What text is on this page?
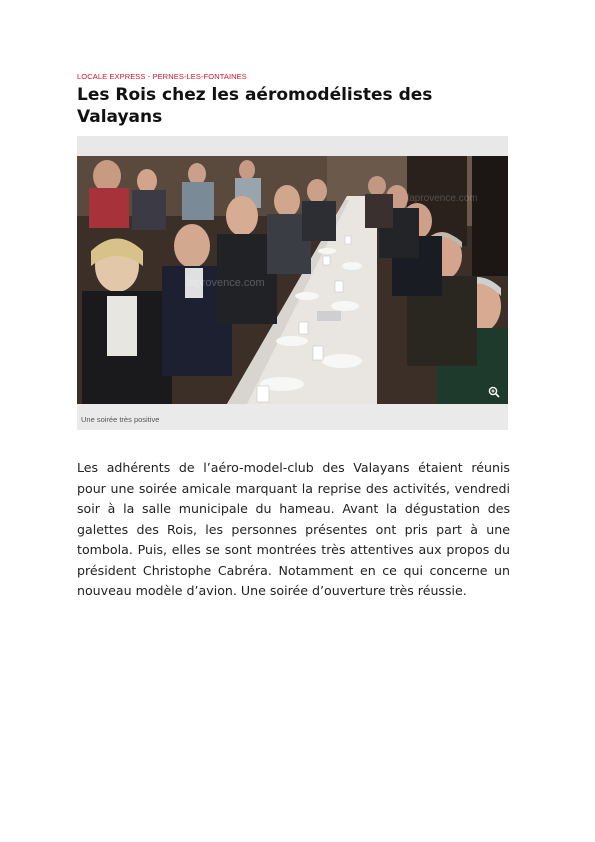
LOCALE EXPRESS - PERNES-LES-FONTAINES
Les Rois chez les aéromodélistes des Valayans
laprovence.com
laprovence.com
Une soirée très positive

Les adhérents de l’aéro-model-club des Valayans étaient réunis pour une soirée amicale marquant la reprise des activités, vendredi soir à la salle municipale du hameau. Avant la dégustation des galettes des Rois, les personnes présentes ont pris part à une tombola. Puis, elles se sont montrées très attentives aux propos du président Christophe Cabréra. Notamment en ce qui concerne un nouveau modèle d’avion. Une soirée d’ouverture très réussie.
